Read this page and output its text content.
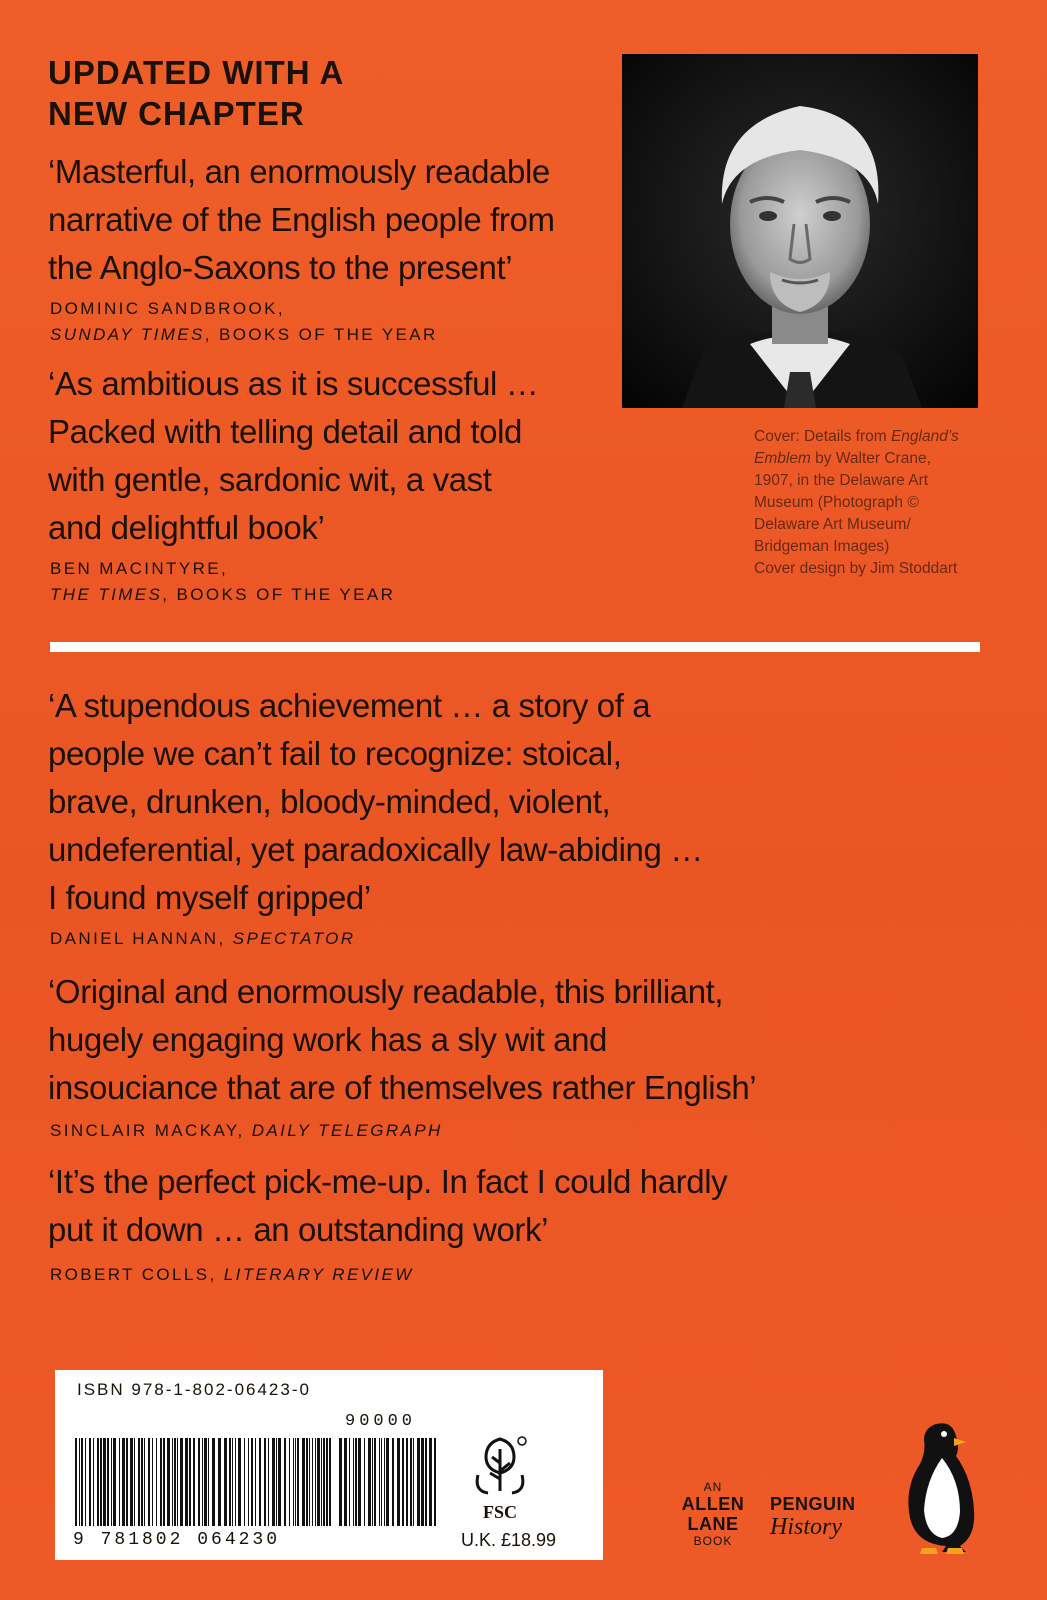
UPDATED WITH A
NEW CHAPTER

‘Masterful, an enormously readable

narrative of the English people from

the Anglo-Saxons to the present’

DOMINIC SANDBROOK,
SUNDAY TIMES, BOOKS OF THE YEAR

‘As ambitious as it is successful …

Packed with telling detail and told

with gentle, sardonic wit, a vast

and delightful book’

BEN MACINTYRE,
THE TIMES, BOOKS OF THE YEAR
Cover: Details from England’s
Emblem by Walter Crane,
1907, in the Delaware Art
Museum (Photograph ©
Delaware Art Museum/
Bridgeman Images)
Cover design by Jim Stoddart

‘A stupendous achievement … a story of a

people we can’t fail to recognize: stoical,

brave, drunken, bloody-minded, violent,

undeferential, yet paradoxically law-abiding …

I found myself gripped’

DANIEL HANNAN, SPECTATOR

‘Original and enormously readable, this brilliant,

hugely engaging work has a sly wit and

insouciance that are of themselves rather English’

SINCLAIR MACKAY, DAILY TELEGRAPH

‘It’s the perfect pick-me-up. In fact I could hardly

put it down … an outstanding work’

ROBERT COLLS, LITERARY REVIEW
ISBN 978-1-802-06423-0
90000
9 781802 064230
FSC
U.K. £18.99
AN
ALLEN
LANE
BOOK
PENGUIN
History
